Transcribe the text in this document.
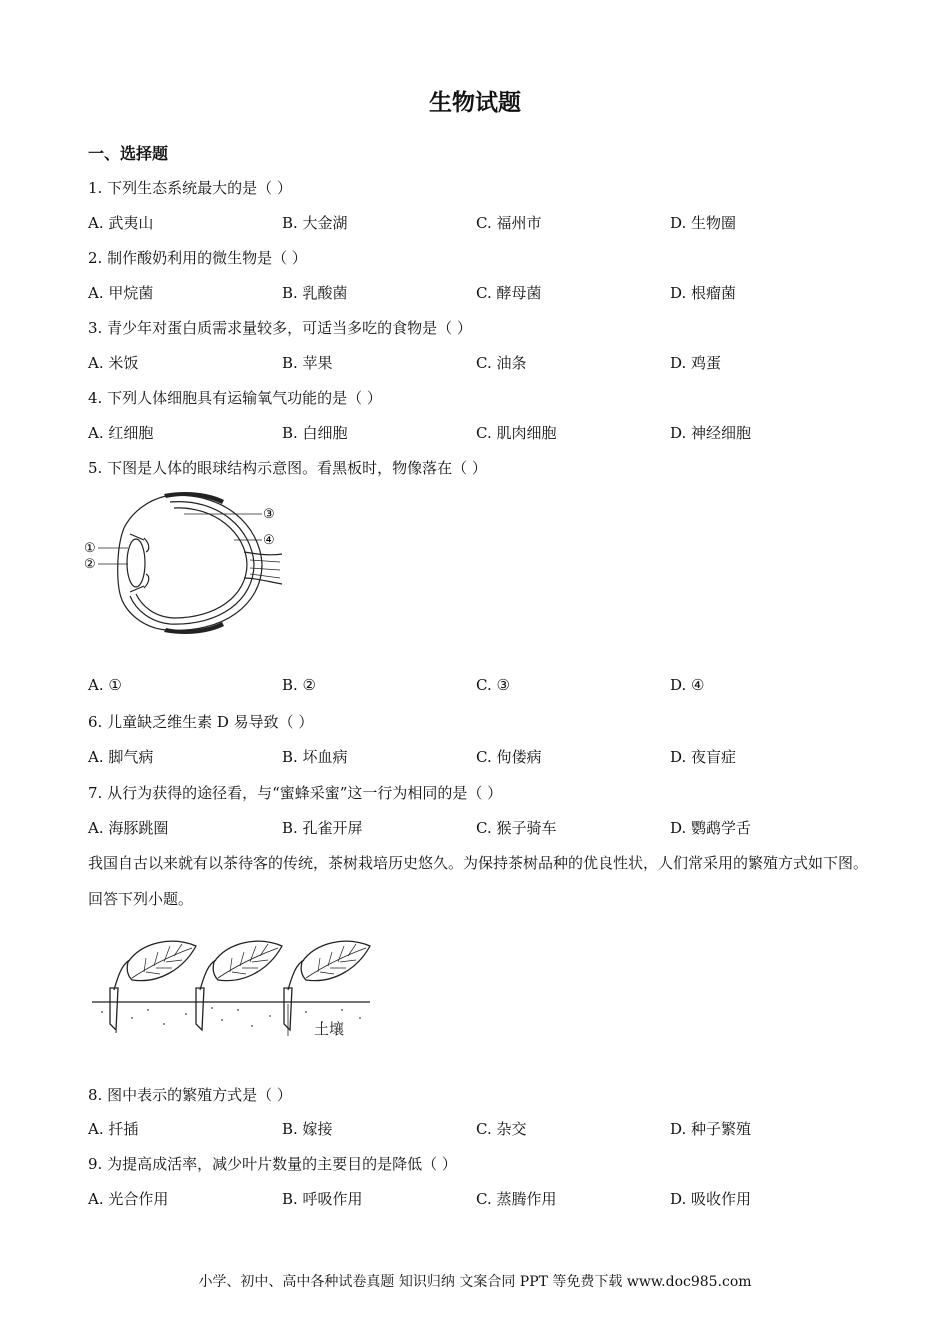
生物试题
一、选择题
1. 下列生态系统最大的是（ ）
A. 武夷山	B. 大金湖	C. 福州市	D. 生物圈
2. 制作酸奶利用的微生物是（ ）
A. 甲烷菌	B. 乳酸菌	C. 酵母菌	D. 根瘤菌
3. 青少年对蛋白质需求量较多，可适当多吃的食物是（ ）
A. 米饭	B. 苹果	C. 油条	D. 鸡蛋
4. 下列人体细胞具有运输氧气功能的是（ ）
A. 红细胞	B. 白细胞	C. 肌肉细胞	D. 神经细胞
5. 下图是人体的眼球结构示意图。看黑板时，物像落在（ ）
③
④
①
②
A. ①	B. ②	C. ③	D. ④
6. 儿童缺乏维生素 D 易导致（ ）
A. 脚气病	B. 坏血病	C. 佝偻病	D. 夜盲症
7. 从行为获得的途径看，与“蜜蜂采蜜”这一行为相同的是（ ）
A. 海豚跳圈	B. 孔雀开屏	C. 猴子骑车	D. 鹦鹉学舌
我国自古以来就有以茶待客的传统，茶树栽培历史悠久。为保持茶树品种的优良性状，人们常采用的繁殖方式如下图。回答下列小题。
土壤
8. 图中表示的繁殖方式是（ ）
A. 扦插	B. 嫁接	C. 杂交	D. 种子繁殖
9. 为提高成活率，减少叶片数量的主要目的是降低（ ）
A. 光合作用	B. 呼吸作用	C. 蒸腾作用	D. 吸收作用
小学、初中、高中各种试卷真题 知识归纳 文案合同 PPT 等免费下载 www.doc985.com
